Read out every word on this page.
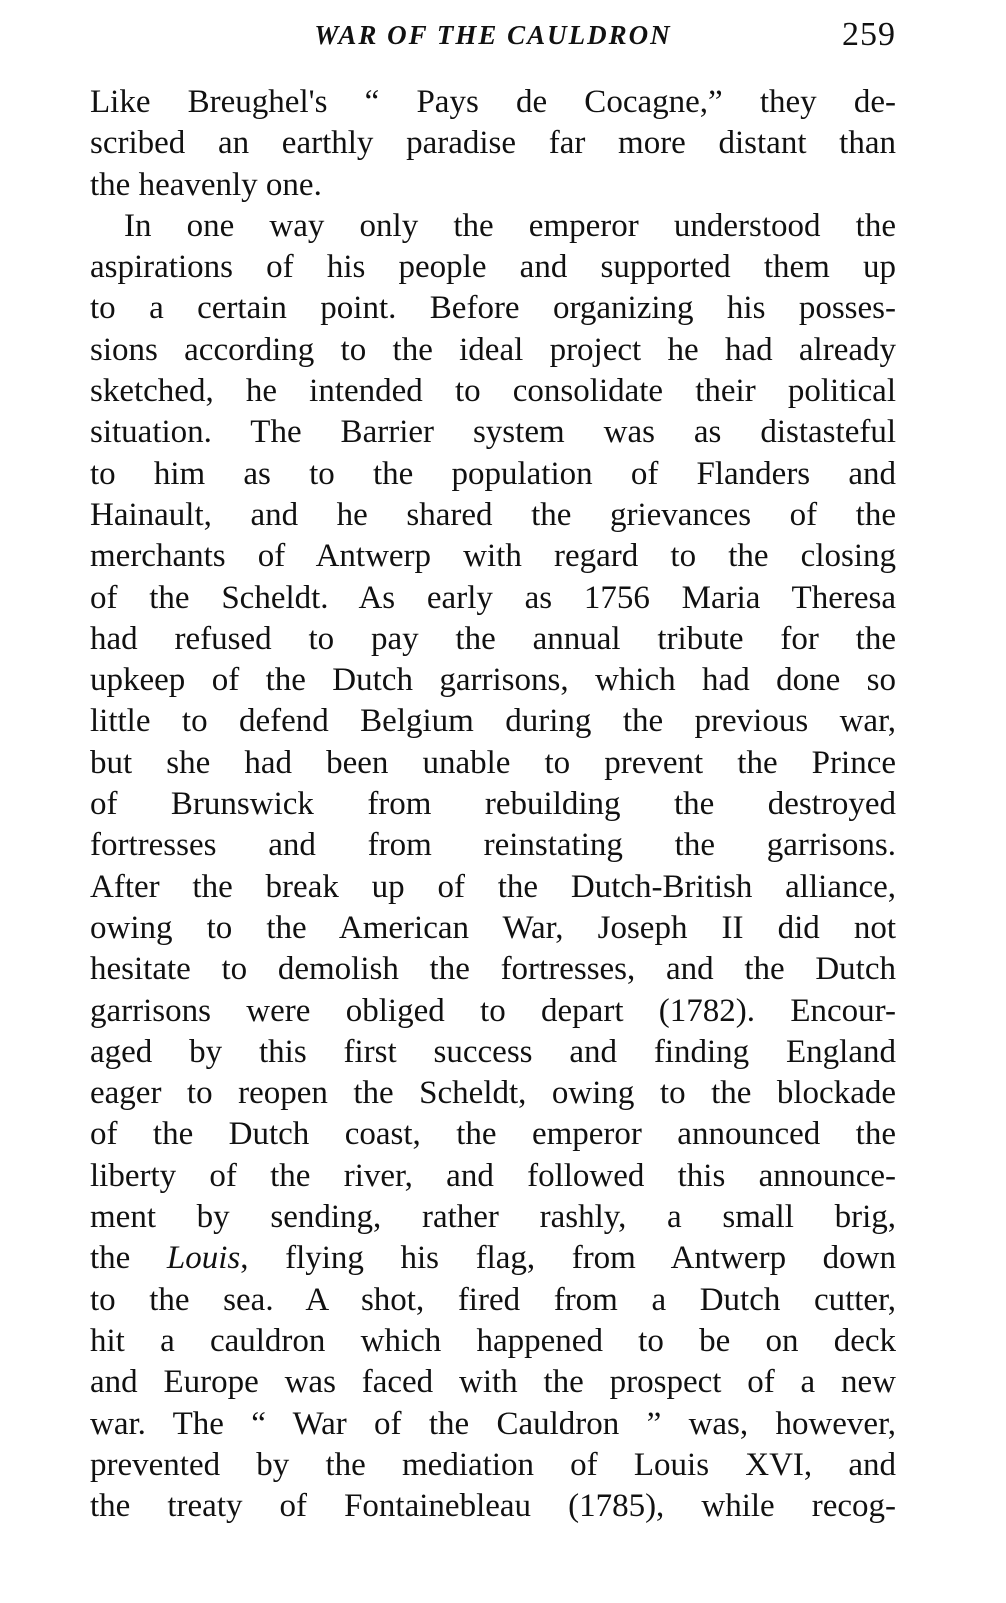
WAR OF THE CAULDRON	259
Like Breughel's “ Pays de Cocagne,” they de-
scribed an earthly paradise far more distant than
the heavenly one.
In one way only the emperor understood the
aspirations of his people and supported them up
to a certain point. Before organizing his posses-
sions according to the ideal project he had already
sketched, he intended to consolidate their political
situation. The Barrier system was as distasteful
to him as to the population of Flanders and
Hainault, and he shared the grievances of the
merchants of Antwerp with regard to the closing
of the Scheldt. As early as 1756 Maria Theresa
had refused to pay the annual tribute for the
upkeep of the Dutch garrisons, which had done so
little to defend Belgium during the previous war,
but she had been unable to prevent the Prince
of Brunswick from rebuilding the destroyed
fortresses and from reinstating the garrisons.
After the break up of the Dutch-British alliance,
owing to the American War, Joseph II did not
hesitate to demolish the fortresses, and the Dutch
garrisons were obliged to depart (1782). Encour-
aged by this first success and finding England
eager to reopen the Scheldt, owing to the blockade
of the Dutch coast, the emperor announced the
liberty of the river, and followed this announce-
ment by sending, rather rashly, a small brig,
the Louis, flying his flag, from Antwerp down
to the sea. A shot, fired from a Dutch cutter,
hit a cauldron which happened to be on deck
and Europe was faced with the prospect of a new
war. The “ War of the Cauldron ” was, however,
prevented by the mediation of Louis XVI, and
the treaty of Fontainebleau (1785), while recog-
